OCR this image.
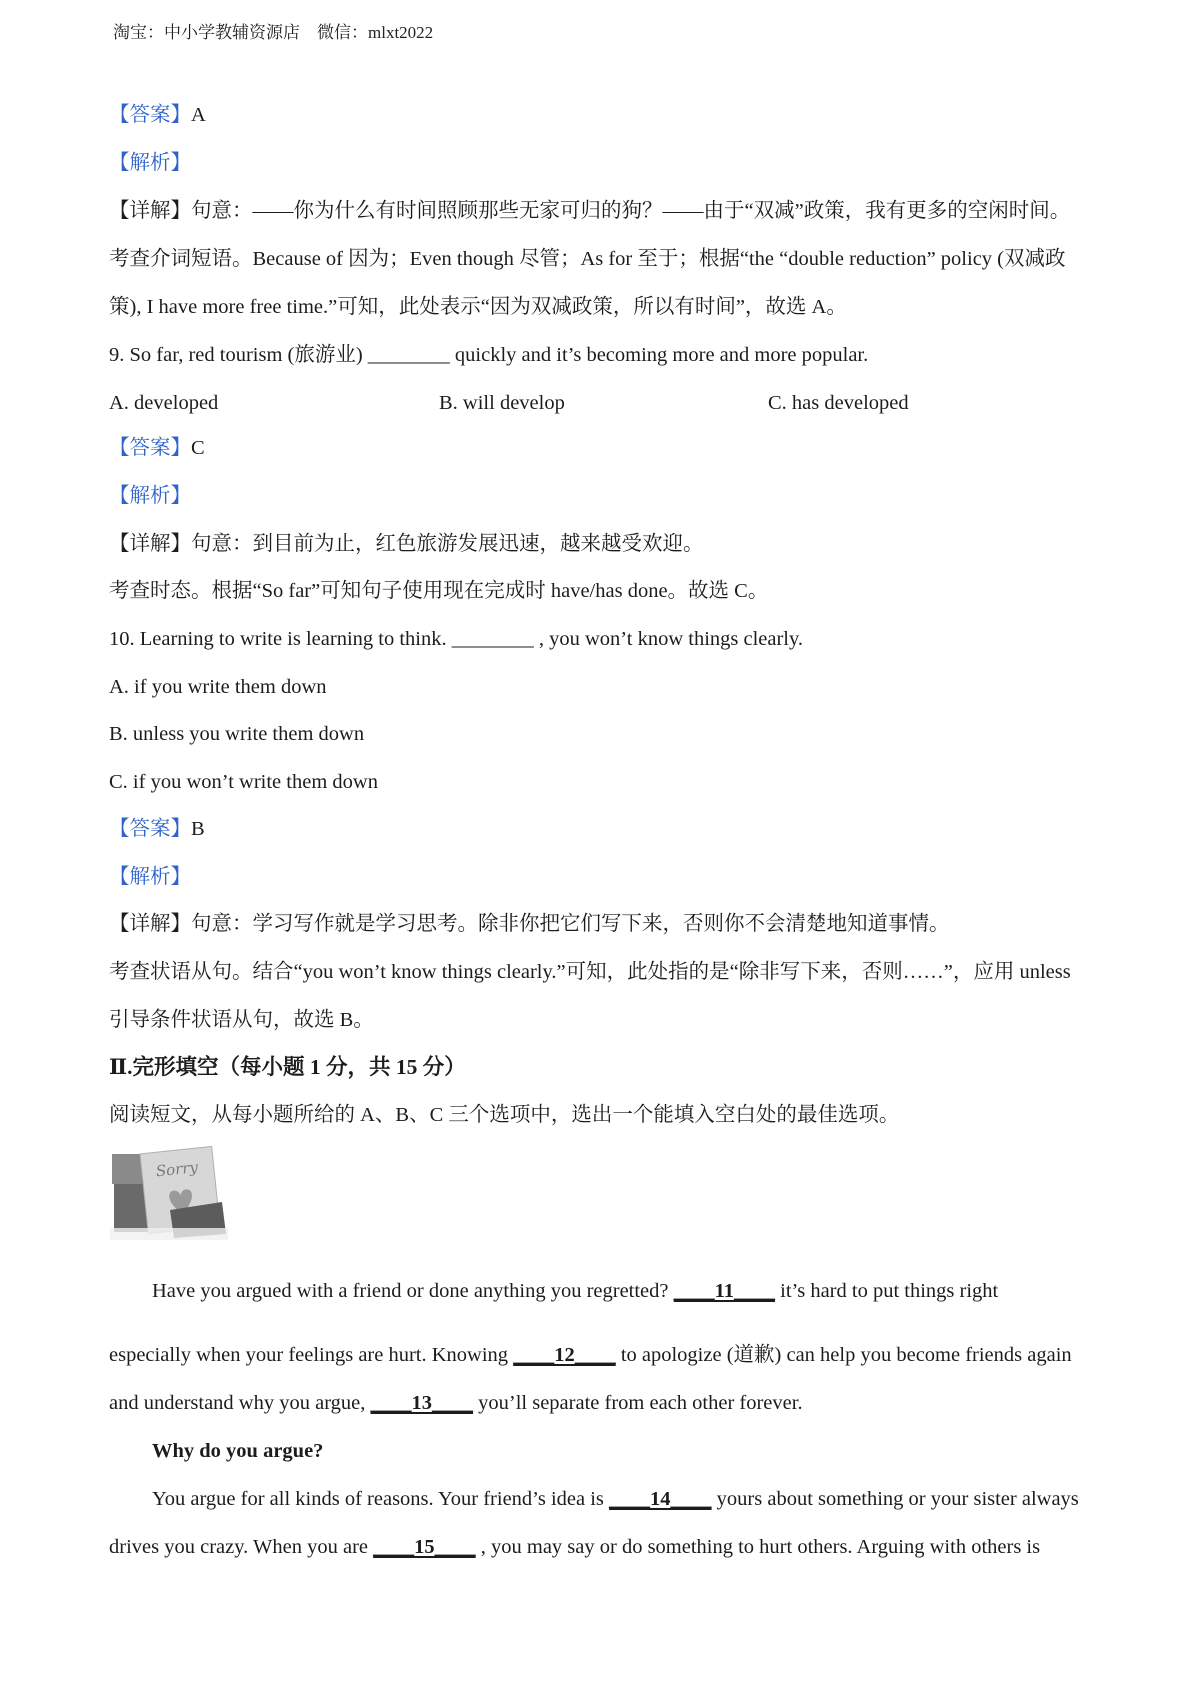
淘宝：中小学教辅资源店 微信：mlxt2022
【答案】A
【解析】
【详解】句意：——你为什么有时间照顾那些无家可归的狗？——由于“双减”政策，我有更多的空闲时间。
考查介词短语。Because of 因为；Even though 尽管；As for 至于；根据“the “double reduction” policy (双减政
策), I have more free time.”可知，此处表示“因为双减政策，所以有时间”，故选 A。
9. So far, red tourism (旅游业) ________ quickly and it’s becoming more and more popular.
A. developed	B. will develop	C. has developed
【答案】C
【解析】
【详解】句意：到目前为止，红色旅游发展迅速，越来越受欢迎。
考查时态。根据“So far”可知句子使用现在完成时 have/has done。故选 C。
10. Learning to write is learning to think. ________ , you won’t know things clearly.
A. if you write them down
B. unless you write them down
C. if you won’t write them down
【答案】B
【解析】
【详解】句意：学习写作就是学习思考。除非你把它们写下来，否则你不会清楚地知道事情。
考查状语从句。结合“you won’t know things clearly.”可知，此处指的是“除非写下来，否则……”，应用 unless
引导条件状语从句，故选 B。
Ⅱ.完形填空（每小题 1 分，共 15 分）
阅读短文，从每小题所给的 A、B、C 三个选项中，选出一个能填入空白处的最佳选项。
Sorry
Have you argued with a friend or done anything you regretted? ____11____ it’s hard to put things right
especially when your feelings are hurt. Knowing ____12____ to apologize (道歉) can help you become friends again
and understand why you argue, ____13____ you’ll separate from each other forever.
Why do you argue?
You argue for all kinds of reasons. Your friend’s idea is ____14____ yours about something or your sister always
drives you crazy. When you are ____15____ , you may say or do something to hurt others. Arguing with others is
